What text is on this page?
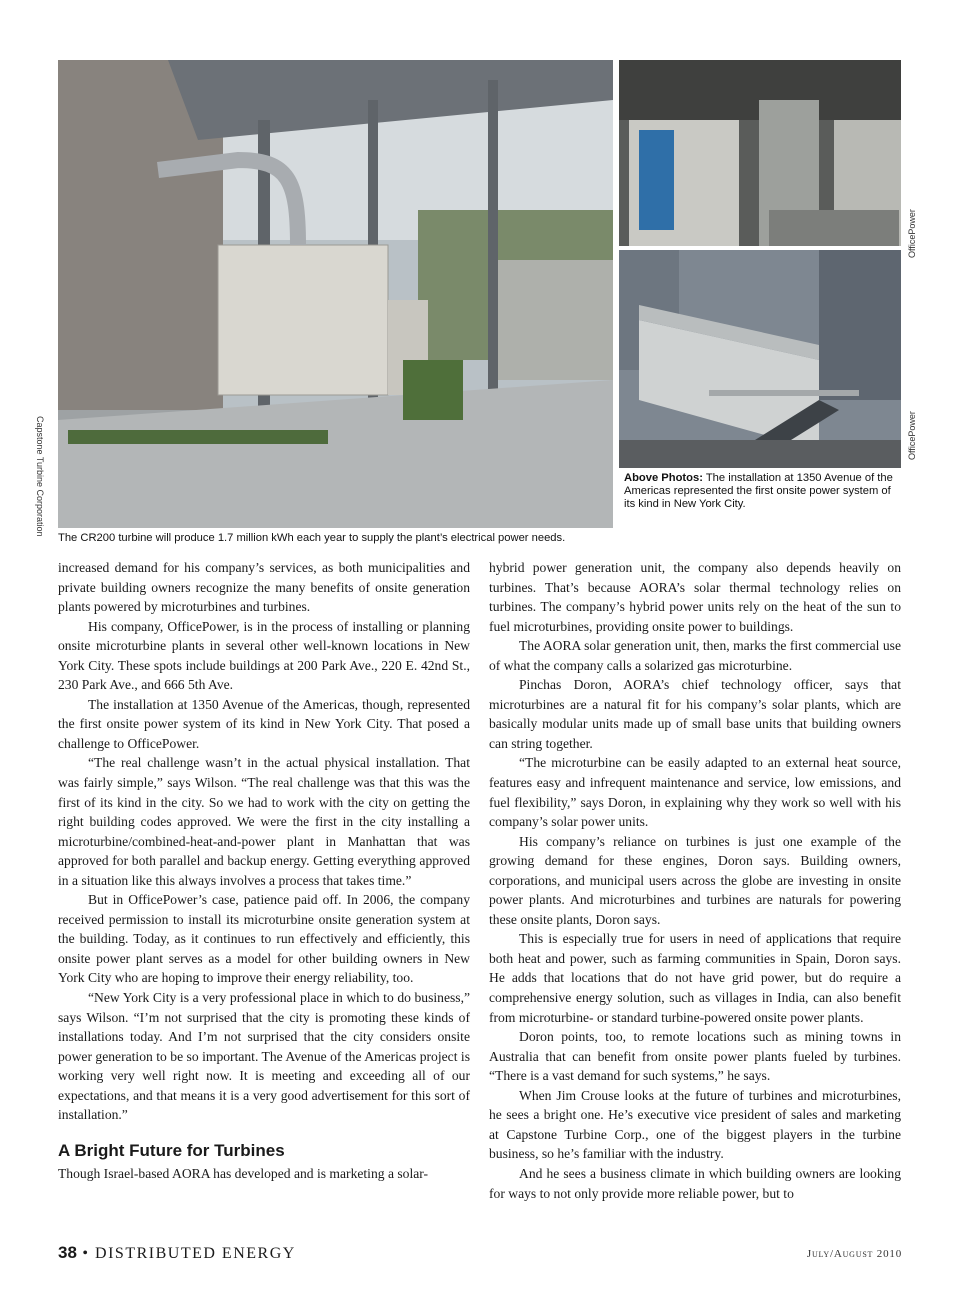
Capstone Turbine Corporation
The CR200 turbine will produce 1.7 million kWh each year to supply the plant’s electrical power needs.
OfficePower
OfficePower
Above Photos: The installation at 1350 Avenue of the Americas represented the first onsite power system of its kind in New York City.

increased demand for his company’s services, as both municipalities and private building owners recognize the many benefits of onsite generation plants powered by microturbines and turbines.

His company, OfficePower, is in the process of installing or planning onsite microturbine plants in several other well-known locations in New York City. These spots include buildings at 200 Park Ave., 220 E. 42nd St., 230 Park Ave., and 666 5th Ave.

The installation at 1350 Avenue of the Americas, though, represented the first onsite power system of its kind in New York City. That posed a challenge to OfficePower.

“The real challenge wasn’t in the actual physical installation. That was fairly simple,” says Wilson. “The real challenge was that this was the first of its kind in the city. So we had to work with the city on getting the right building codes approved. We were the first in the city installing a microturbine/combined-heat-and-power plant in Manhattan that was approved for both parallel and backup energy. Getting everything approved in a situation like this always involves a process that takes time.”

But in OfficePower’s case, patience paid off. In 2006, the company received permission to install its microturbine onsite generation system at the building. Today, as it continues to run effectively and efficiently, this onsite power plant serves as a model for other building owners in New York City who are hoping to improve their energy reliability, too.

“New York City is a very professional place in which to do business,” says Wilson. “I’m not surprised that the city is promoting these kinds of installations today. And I’m not surprised that the city considers onsite power generation to be so important. The Avenue of the Americas project is working very well right now. It is meeting and exceeding all of our expectations, and that means it is a very good advertisement for this sort of installation.”

A Bright Future for Turbines

Though Israel-based AORA has developed and is marketing a solar-

hybrid power generation unit, the company also depends heavily on turbines. That’s because AORA’s solar thermal technology relies on turbines. The company’s hybrid power units rely on the heat of the sun to fuel microturbines, providing onsite power to buildings.

The AORA solar generation unit, then, marks the first commercial use of what the company calls a solarized gas microturbine.

Pinchas Doron, AORA’s chief technology officer, says that microturbines are a natural fit for his company’s solar plants, which are basically modular units made up of small base units that building owners can string together.

“The microturbine can be easily adapted to an external heat source, features easy and infrequent maintenance and service, low emissions, and fuel flexibility,” says Doron, in explaining why they work so well with his company’s solar power units.

His company’s reliance on turbines is just one example of the growing demand for these engines, Doron says. Building owners, corporations, and municipal users across the globe are investing in onsite power plants. And microturbines and turbines are naturals for powering these onsite plants, Doron says.

This is especially true for users in need of applications that require both heat and power, such as farming communities in Spain, Doron says. He adds that locations that do not have grid power, but do require a comprehensive energy solution, such as villages in India, can also benefit from microturbine- or standard turbine-powered onsite power plants.

Doron points, too, to remote locations such as mining towns in Australia that can benefit from onsite power plants fueled by turbines. “There is a vast demand for such systems,” he says.

When Jim Crouse looks at the future of turbines and microturbines, he sees a bright one. He’s executive vice president of sales and marketing at Capstone Turbine Corp., one of the biggest players in the turbine business, so he’s familiar with the industry.

And he sees a business climate in which building owners are looking for ways to not only provide more reliable power, but to

38 • DISTRIBUTED ENERGY	July/August 2010
